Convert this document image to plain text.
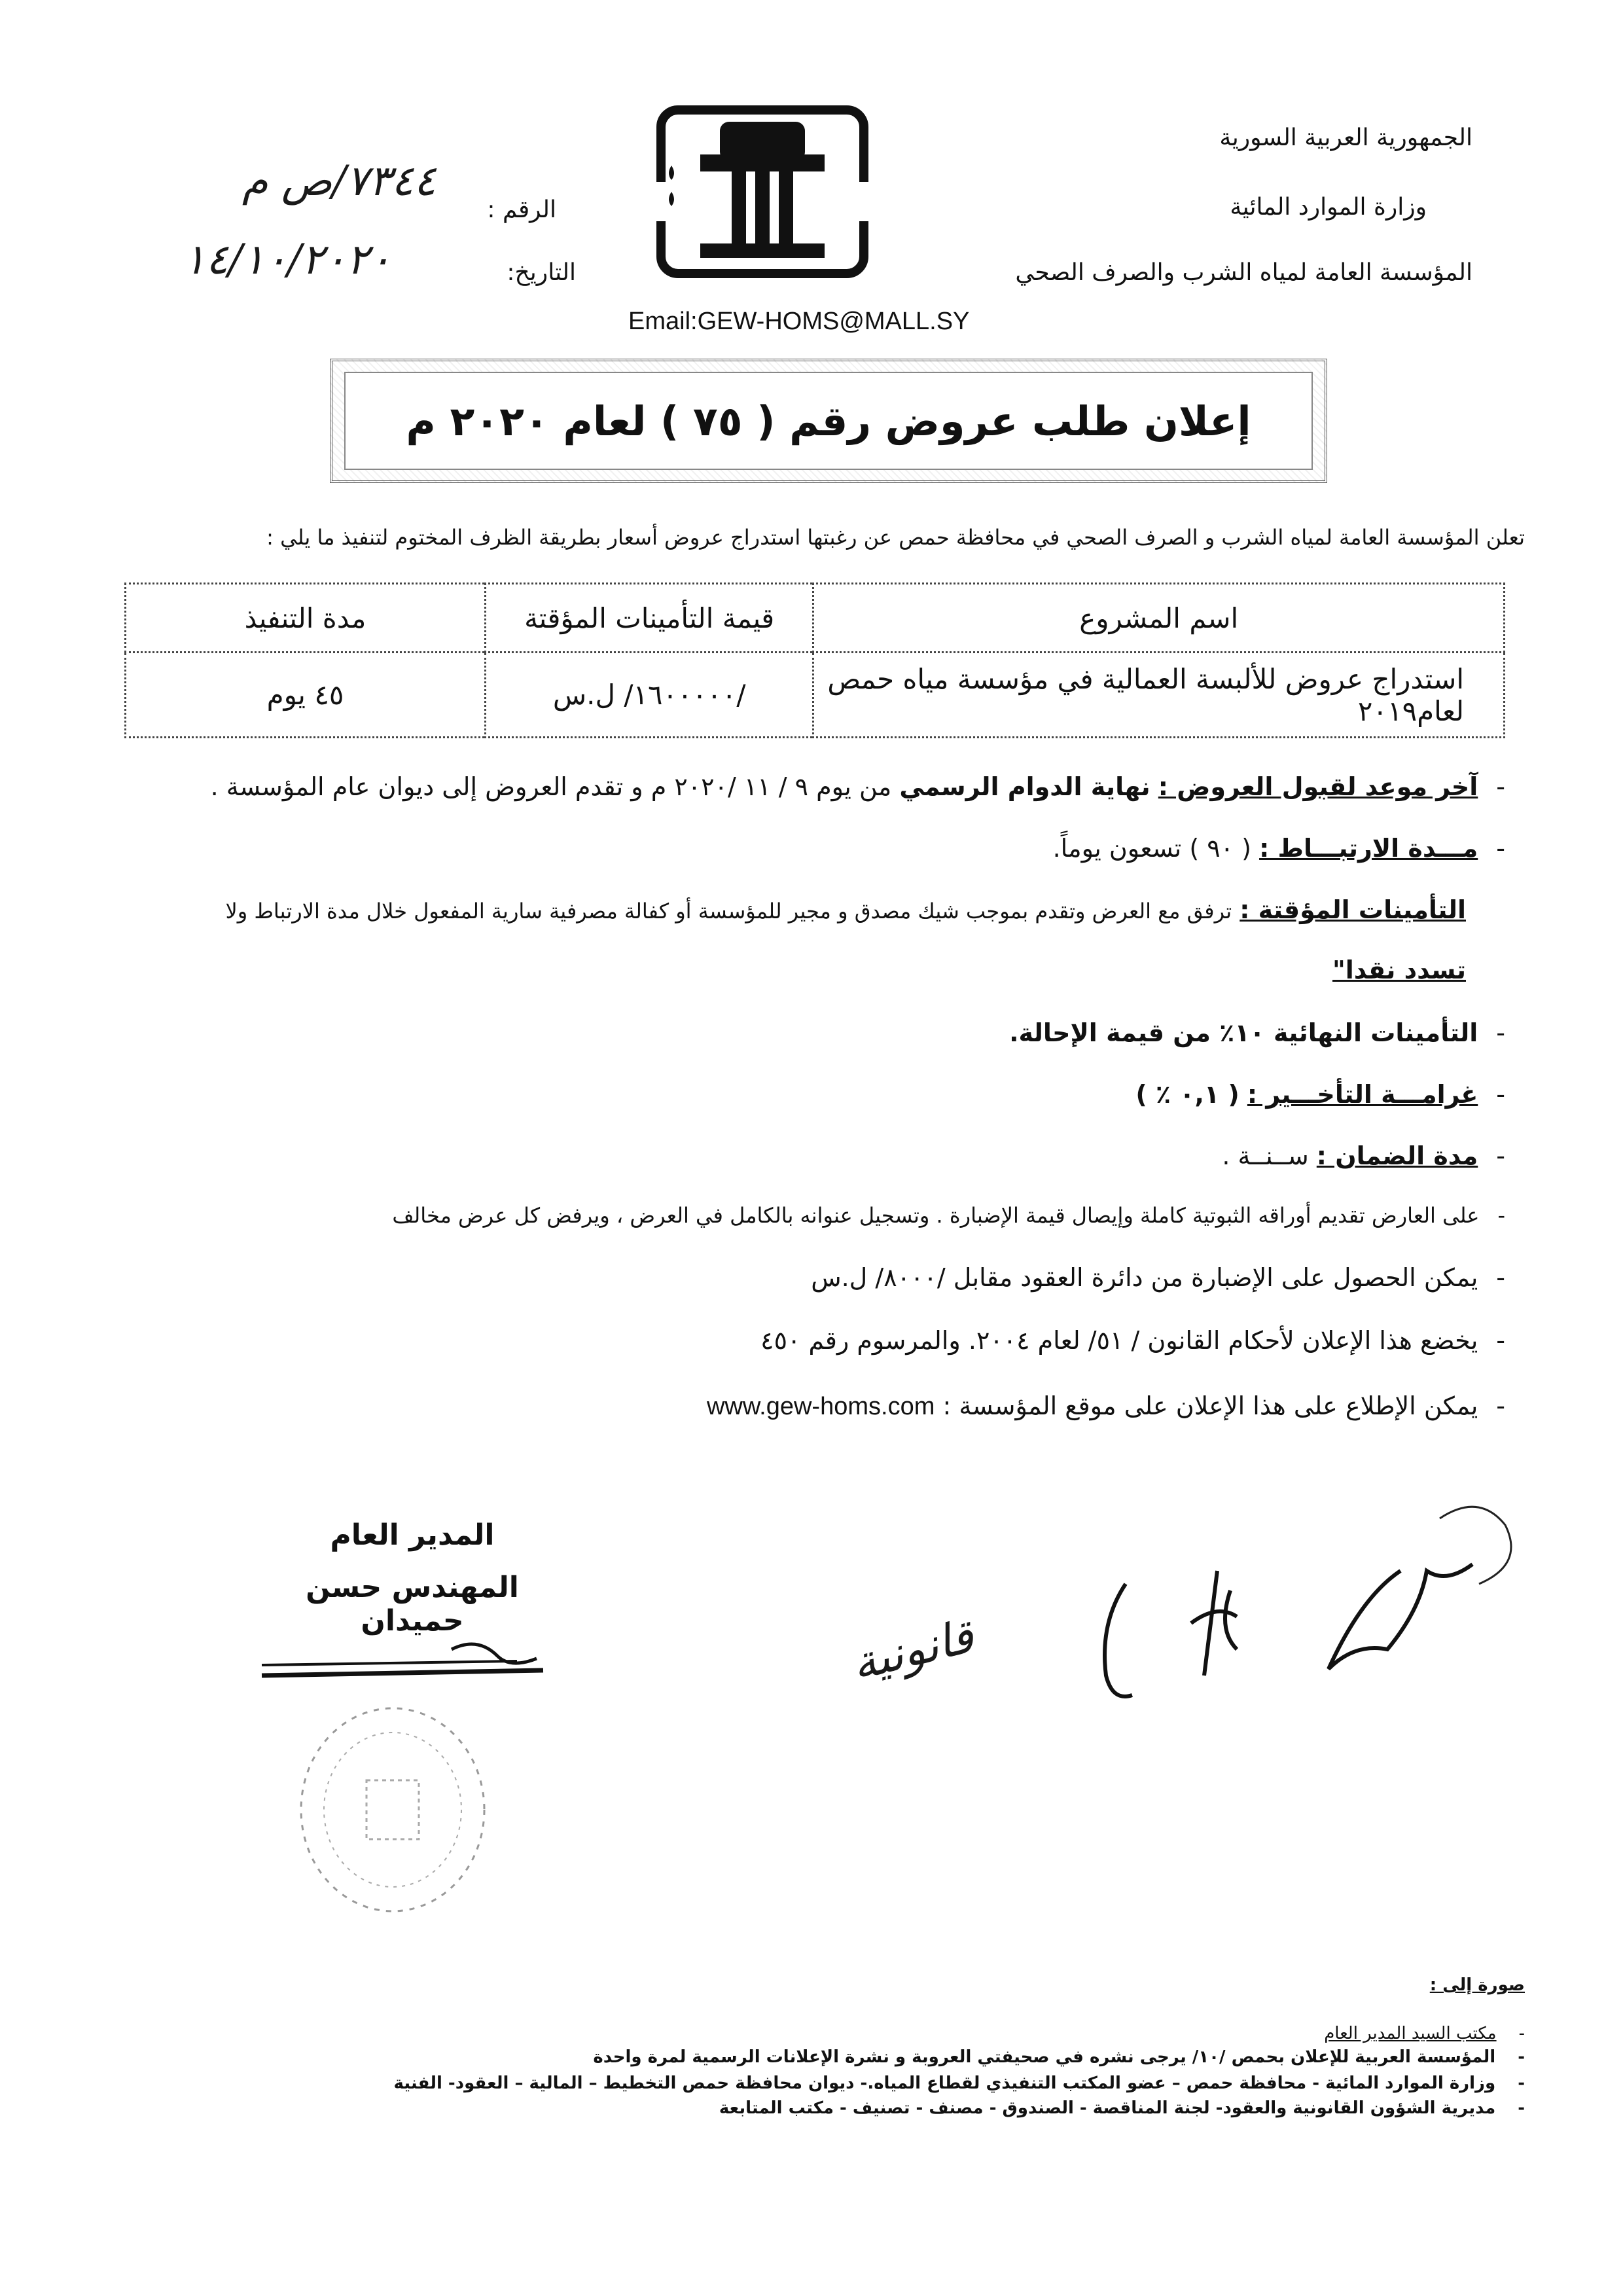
الجمهورية العربية السورية
وزارة الموارد المائية
المؤسسة العامة لمياه الشرب والصرف الصحي
الرقم :
٧٣٤٤/ص م
التاريخ:
١٤/١٠/٢٠٢٠
Email:GEW-HOMS@MALL.SY
إعلان طلب عروض رقم ( ٧٥ ) لعام ٢٠٢٠ م
تعلن المؤسسة العامة لمياه الشرب و الصرف الصحي في محافظة حمص عن رغبتها استدراج عروض أسعار بطريقة الظرف المختوم لتنفيذ ما يلي :
اسم المشروع	قيمة التأمينات المؤقتة	مدة التنفيذ
استدراج عروض للألبسة العمالية في مؤسسة مياه حمص لعام٢٠١٩	/١٦٠٠٠٠٠/ ل.س	٤٥ يوم
-آخر موعد لقبول العروض : نهاية الدوام الرسمي من يوم ٩ / ١١ /٢٠٢٠ م و تقدم العروض إلى ديوان عام المؤسسة .
-مـــدة الارتبـــاط : ( ٩٠ ) تسعون يوماً.
التأمينات المؤقتة : ترفق مع العرض وتقدم بموجب شيك مصدق و مجير للمؤسسة أو كفالة مصرفية سارية المفعول خلال مدة الارتباط ولا
تسدد نقدا"
-التأمينات النهائية ١٠٪ من قيمة الإحالة.
-غرامـــة التأخـــير : ( ٠,١ ٪ )
-مدة الضمان : ســنــة .
-على العارض تقديم أوراقه الثبوتية كاملة وإيصال قيمة الإضبارة . وتسجيل عنوانه بالكامل في العرض ، ويرفض كل عرض مخالف
-يمكن الحصول على الإضبارة من دائرة العقود مقابل /٨٠٠٠/ ل.س
-يخضع هذا الإعلان لأحكام القانون / ٥١/ لعام ٢٠٠٤. والمرسوم رقم ٤٥٠
-يمكن الإطلاع على هذا الإعلان على موقع المؤسسة : www.gew-homs.com
المدير العام
المهندس حسن حميدان	قانونية
صورة إلى :
-مكتب السيد المدير العام
-المؤسسة العربية للإعلان بحمص /١٠/ يرجى نشره في صحيفتي العروبة و نشرة الإعلانات الرسمية لمرة واحدة
-وزارة الموارد المائية - محافظة حمص – عضو المكتب التنفيذي لقطاع المياه.- ديوان محافظة حمص التخطيط – المالية – العقود- الفنية
-مديرية الشؤون القانونية والعقود- لجنة المناقصة - الصندوق - مصنف - تصنيف - مكتب المتابعة
